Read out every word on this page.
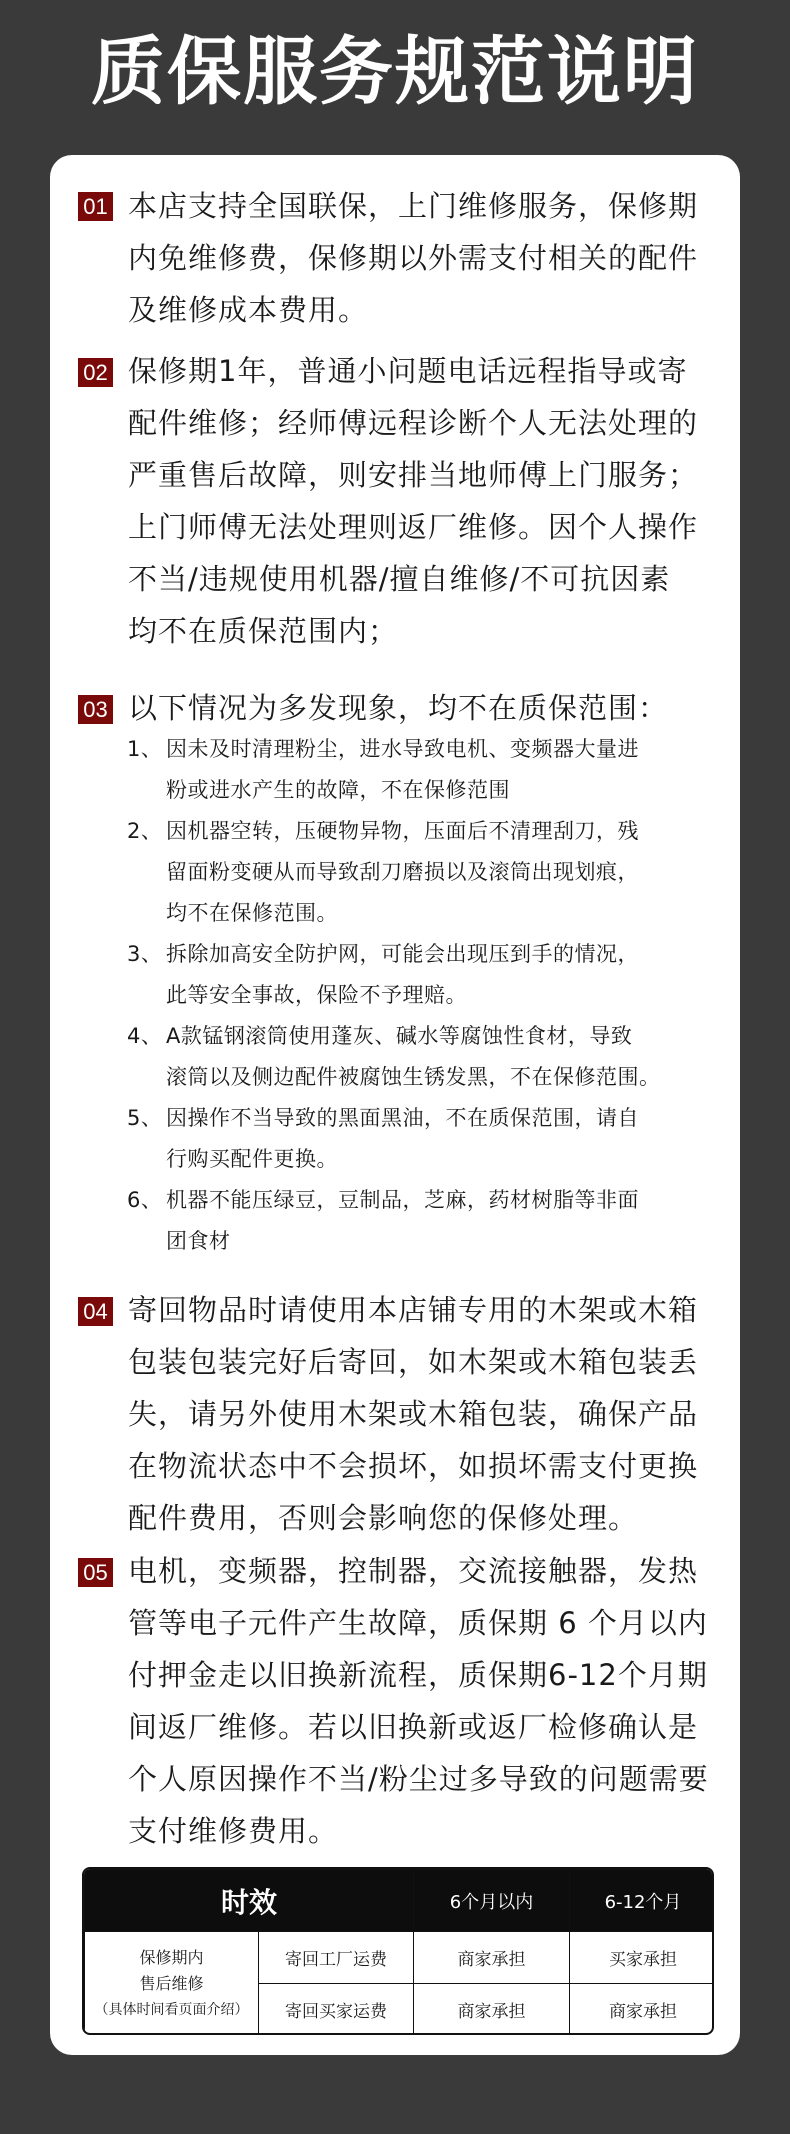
质保服务规范说明
01 本店支持全国联保，上门维修服务，保修期
内免维修费，保修期以外需支付相关的配件
及维修成本费用。
02 保修期1年，普通小问题电话远程指导或寄
配件维修；经师傅远程诊断个人无法处理的
严重售后故障，则安排当地师傅上门服务；
上门师傅无法处理则返厂维修。因个人操作
不当/违规使用机器/擅自维修/不可抗因素
均不在质保范围内；
03 以下情况为多发现象，均不在质保范围：
1、 因未及时清理粉尘，进水导致电机、变频器大量进
粉或进水产生的故障，不在保修范围
2、 因机器空转，压硬物异物，压面后不清理刮刀，残
留面粉变硬从而导致刮刀磨损以及滚筒出现划痕，
均不在保修范围。
3、 拆除加高安全防护网，可能会出现压到手的情况，
此等安全事故，保险不予理赔。
4、 A款锰钢滚筒使用蓬灰、碱水等腐蚀性食材，导致
滚筒以及侧边配件被腐蚀生锈发黑，不在保修范围。
5、 因操作不当导致的黑面黑油，不在质保范围，请自
行购买配件更换。
6、 机器不能压绿豆，豆制品，芝麻，药材树脂等非面
团食材
04 寄回物品时请使用本店铺专用的木架或木箱
包装包装完好后寄回，如木架或木箱包装丢
失，请另外使用木架或木箱包装，确保产品
在物流状态中不会损坏，如损坏需支付更换
配件费用，否则会影响您的保修处理。
05 电机，变频器，控制器，交流接触器，发热
管等电子元件产生故障，质保期 6 个月以内
付押金走以旧换新流程，质保期6-12个月期
间返厂维修。若以旧换新或返厂检修确认是
个人原因操作不当/粉尘过多导致的问题需要
支付维修费用。
时效		6个月以内	6-12个月

保修期内
售后维修
（具体时间看页面介绍）	寄回工厂运费	商家承担	买家承担
	寄回买家运费	商家承担	商家承担
